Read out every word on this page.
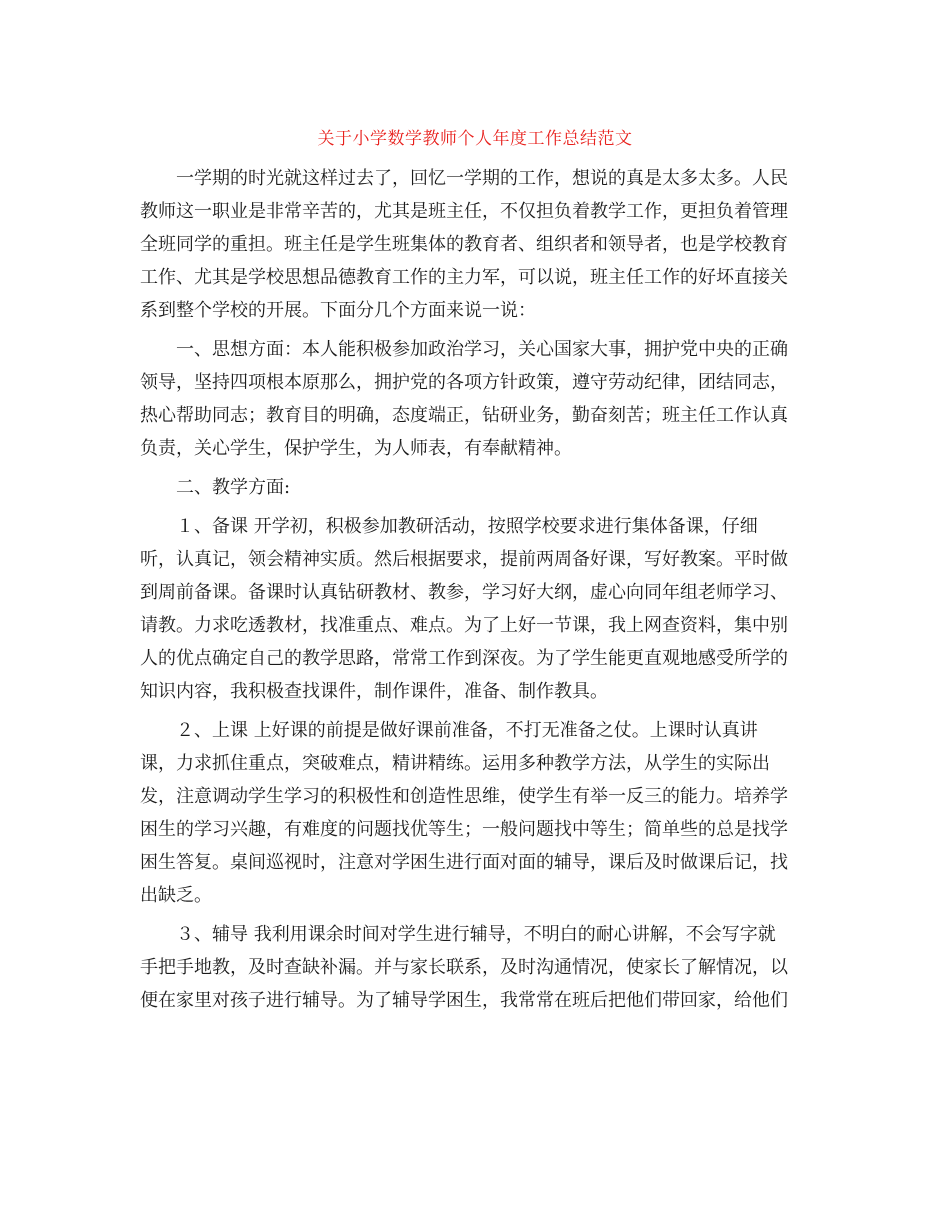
关于小学数学教师个人年度工作总结范文

　　一学期的时光就这样过去了，回忆一学期的工作，想说的真是太多太多。人民
教师这一职业是非常辛苦的，尤其是班主任，不仅担负着教学工作，更担负着管理
全班同学的重担。班主任是学生班集体的教育者、组织者和领导者，也是学校教育
工作、尤其是学校思想品德教育工作的主力军，可以说，班主任工作的好坏直接关
系到整个学校的开展。下面分几个方面来说一说：

　　一、思想方面：本人能积极参加政治学习，关心国家大事，拥护党中央的正确
领导，坚持四项根本原那么，拥护党的各项方针政策，遵守劳动纪律，团结同志，
热心帮助同志；教育目的明确，态度端正，钻研业务，勤奋刻苦；班主任工作认真
负责，关心学生，保护学生，为人师表，有奉献精神。

　　二、教学方面:

　　１、备课 开学初，积极参加教研活动，按照学校要求进行集体备课，仔细
听，认真记，领会精神实质。然后根据要求，提前两周备好课，写好教案。平时做
到周前备课。备课时认真钻研教材、教参，学习好大纲，虚心向同年组老师学习、
请教。力求吃透教材，找准重点、难点。为了上好一节课，我上网查资料，集中别
人的优点确定自己的教学思路，常常工作到深夜。为了学生能更直观地感受所学的
知识内容，我积极查找课件，制作课件，准备、制作教具。

　　２、上课 上好课的前提是做好课前准备，不打无准备之仗。上课时认真讲
课，力求抓住重点，突破难点，精讲精练。运用多种教学方法，从学生的实际出
发，注意调动学生学习的积极性和创造性思维，使学生有举一反三的能力。培养学
困生的学习兴趣，有难度的问题找优等生；一般问题找中等生；简单些的总是找学
困生答复。桌间巡视时，注意对学困生进行面对面的辅导，课后及时做课后记，找
出缺乏。

　　３、辅导 我利用课余时间对学生进行辅导，不明白的耐心讲解，不会写字就
手把手地教，及时查缺补漏。并与家长联系，及时沟通情况，使家长了解情况，以
便在家里对孩子进行辅导。为了辅导学困生，我常常在班后把他们带回家，给他们
